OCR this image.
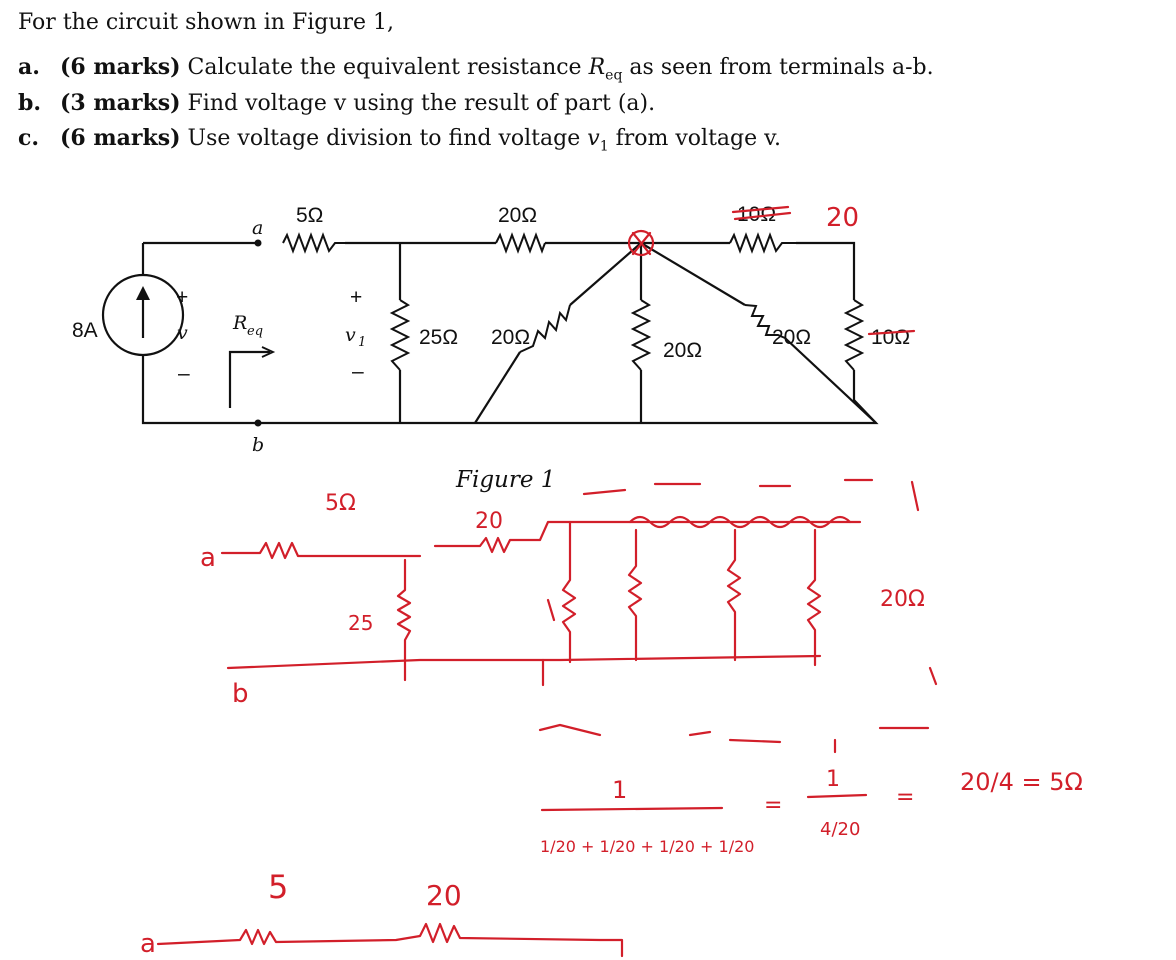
For the circuit shown in Figure 1,
a. (6 marks) Calculate the equivalent resistance $R_{eq}$ as seen from terminals a-b.
b. (3 marks) Find voltage v using the result of part (a).
c. (6 marks) Use voltage division to find voltage $v_1$ from voltage v.
8A
+
v
–
a
b
R eq
+
v 1
–
5Ω	20Ω	10Ω
25Ω 20Ω
20Ω
20Ω	10Ω
Figure 1
20
5Ω
a
20
25
b
20Ω
1
1/20 + 1/20 + 1/20 + 1/20
=
1
4/20
=
20/4 = 5Ω
5	20
a
